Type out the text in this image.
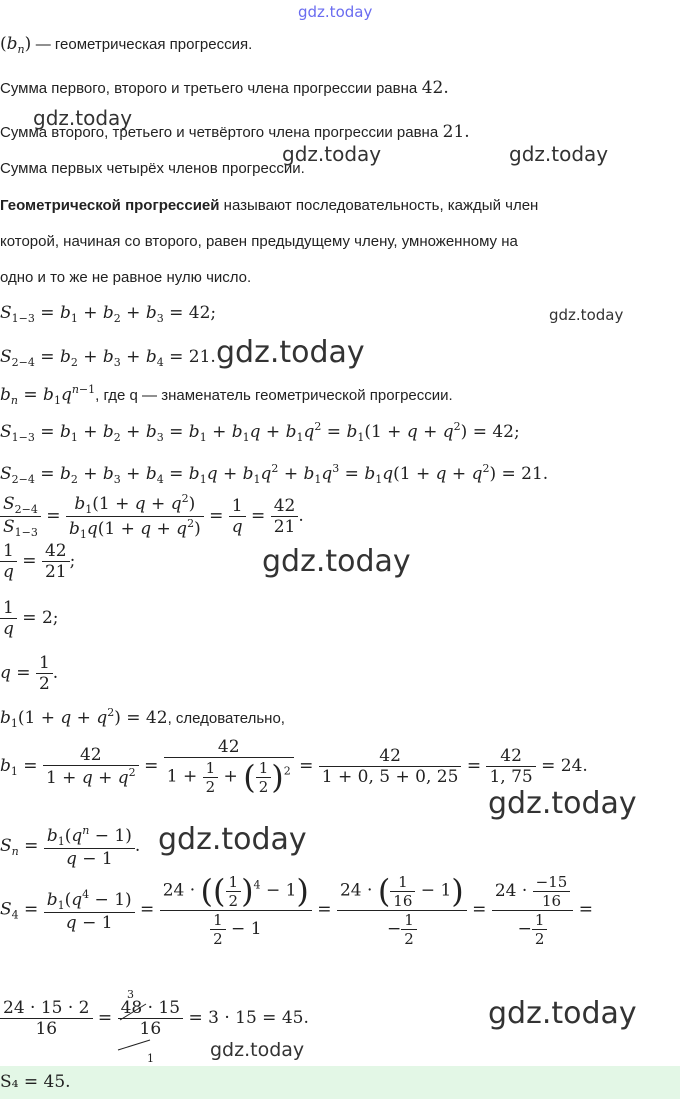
gdz.today
$(b_n)$ — геометрическая прогрессия.
Сумма первого, второго и третьего члена прогрессии равна 42.
gdz.today
Сумма второго, третьего и четвёртого члена прогрессии равна 21.
gdz.today	gdz.today
Сумма первых четырёх членов прогрессии.
Геометрической прогрессией называют последовательность, каждый член
которой, начиная со второго, равен предыдущему члену, умноженному на
одно и то же не равное нулю число.
$S_{1-3} = b_1 + b_2 + b_3 = 42$;	gdz.today
$S_{2-4} = b_2 + b_3 + b_4 = 21$. gdz.today
$b_n = b_1q^{n-1}$, где q — знаменатель геометрической прогрессии.
$S_{1-3} = b_1 + b_2 + b_3 = b_1 + b_1q + b_1q^2 = b_1(1 + q + q^2) = 42$;
$S_{2-4} = b_2 + b_3 + b_4 = b_1q + b_1q^2 + b_1q^3 = b_1q(1 + q + q^2) = 21$.
$\frac{S_{2-4}}{S_{1-3}} = \frac{b_1(1 + q + q^2)}{b_1q(1 + q + q^2)} = \frac{1}{q} = \frac{42}{21}$ .
$\frac{1}{q} = \frac{42}{21}$ ;	gdz.today
$\frac{1}{q} = 2$;
$q = \frac{1}{2}$ .
$b_1(1 + q + q^2) = 42$, следовательно,
$b_1 = \frac{42}{1 + q + q^2} = \frac{42}{1 + \frac{1}{2} + ( \frac{1}{2} )^2} = \frac{42}{1 + 0, 5 + 0, 25} = \frac{42}{1, 75} = 24$.
gdz.today
$S_n = \frac{b_1(q^n - 1)}{q - 1}$ . gdz.today
$S_4 = \frac{b_1(q^4 - 1)}{q - 1} = \frac{24 \cdot (( \frac{1}{2} )^4 - 1)}{\frac{1}{2} - 1} = \frac{24 \cdot ( \frac{1}{16} - 1)}{- \frac{1}{2}} = \frac{24 \cdot \frac{-15}{16}}{- \frac{1}{2}}$ =
$\frac{24 \cdot 15 \cdot 2}{16} = \frac{48 \cdot 15}{16} = 3 \cdot 15 = 45$.
3
1
gdz.today
gdz.today
S₄ = 45.
